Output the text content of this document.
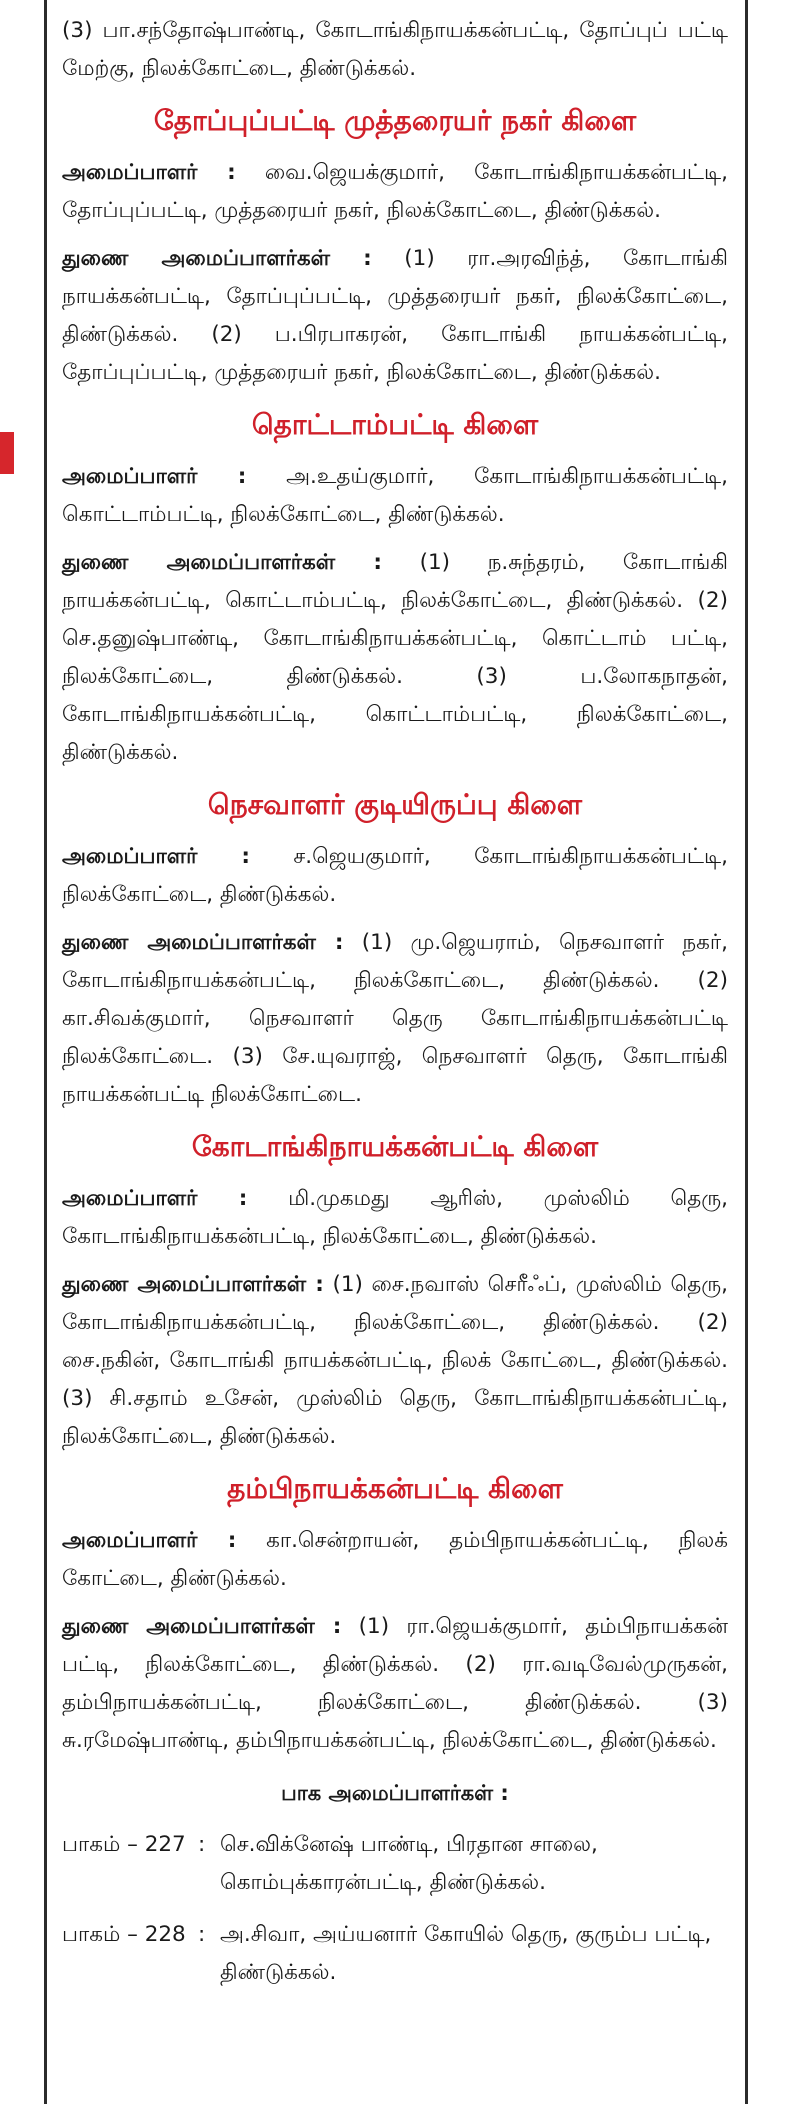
(3) பா.சந்தோஷ்பாண்டி, கோடாங்கிநாயக்கன்பட்டி, தோப்புப் பட்டி மேற்கு, நிலக்கோட்டை, திண்டுக்கல்.

தோப்புப்பட்டி முத்தரையர் நகர் கிளை

அமைப்பாளர் : வை.ஜெயக்குமார், கோடாங்கிநாயக்கன்பட்டி, தோப்புப்பட்டி, முத்தரையர் நகர், நிலக்கோட்டை, திண்டுக்கல்.

துணை அமைப்பாளர்கள் : (1) ரா.அரவிந்த், கோடாங்கி நாயக்கன்பட்டி, தோப்புப்பட்டி, முத்தரையர் நகர், நிலக்கோட்டை, திண்டுக்கல். (2) ப.பிரபாகரன், கோடாங்கி நாயக்கன்பட்டி, தோப்புப்பட்டி, முத்தரையர் நகர், நிலக்கோட்டை, திண்டுக்கல்.

தொட்டாம்பட்டி கிளை

அமைப்பாளர் : அ.உதய்குமார், கோடாங்கிநாயக்கன்பட்டி, கொட்டாம்பட்டி, நிலக்கோட்டை, திண்டுக்கல்.

துணை அமைப்பாளர்கள் : (1) ந.சுந்தரம், கோடாங்கி நாயக்கன்பட்டி, கொட்டாம்பட்டி, நிலக்கோட்டை, திண்டுக்கல். (2) செ.தனுஷ்பாண்டி, கோடாங்கிநாயக்கன்பட்டி, கொட்டாம் பட்டி, நிலக்கோட்டை, திண்டுக்கல். (3) ப.லோகநாதன், கோடாங்கிநாயக்கன்பட்டி, கொட்டாம்பட்டி, நிலக்கோட்டை, திண்டுக்கல்.

நெசவாளர் குடியிருப்பு கிளை

அமைப்பாளர் : ச.ஜெயகுமார், கோடாங்கிநாயக்கன்பட்டி, நிலக்கோட்டை, திண்டுக்கல்.

துணை அமைப்பாளர்கள் : (1) மு.ஜெயராம், நெசவாளர் நகர், கோடாங்கிநாயக்கன்பட்டி, நிலக்கோட்டை, திண்டுக்கல். (2) கா.சிவக்குமார், நெசவாளர் தெரு கோடாங்கிநாயக்கன்பட்டி நிலக்கோட்டை. (3) சே.யுவராஜ், நெசவாளர் தெரு, கோடாங்கி நாயக்கன்பட்டி நிலக்கோட்டை.

கோடாங்கிநாயக்கன்பட்டி கிளை

அமைப்பாளர் : மி.முகமது ஆரிஸ், முஸ்லிம் தெரு, கோடாங்கிநாயக்கன்பட்டி, நிலக்கோட்டை, திண்டுக்கல்.

துணை அமைப்பாளர்கள் : (1) சை.நவாஸ் செரீஃப், முஸ்லிம் தெரு, கோடாங்கிநாயக்கன்பட்டி, நிலக்கோட்டை, திண்டுக்கல். (2) சை.நகின், கோடாங்கி நாயக்கன்பட்டி, நிலக் கோட்டை, திண்டுக்கல். (3) சி.சதாம் உசேன், முஸ்லிம் தெரு, கோடாங்கிநாயக்கன்பட்டி, நிலக்கோட்டை, திண்டுக்கல்.

தம்பிநாயக்கன்பட்டி கிளை

அமைப்பாளர் : கா.சென்றாயன், தம்பிநாயக்கன்பட்டி, நிலக் கோட்டை, திண்டுக்கல்.

துணை அமைப்பாளர்கள் : (1) ரா.ஜெயக்குமார், தம்பிநாயக்கன் பட்டி, நிலக்கோட்டை, திண்டுக்கல். (2) ரா.வடிவேல்முருகன், தம்பிநாயக்கன்பட்டி, நிலக்கோட்டை, திண்டுக்கல். (3) சு.ரமேஷ்பாண்டி, தம்பிநாயக்கன்பட்டி, நிலக்கோட்டை, திண்டுக்கல்.

பாக அமைப்பாளர்கள் :
பாகம் – 227 : செ.விக்னேஷ் பாண்டி, பிரதான சாலை, கொம்புக்காரன்பட்டி, திண்டுக்கல்.
பாகம் – 228 : அ.சிவா, அய்யனார் கோயில் தெரு, குரும்ப பட்டி, திண்டுக்கல்.
